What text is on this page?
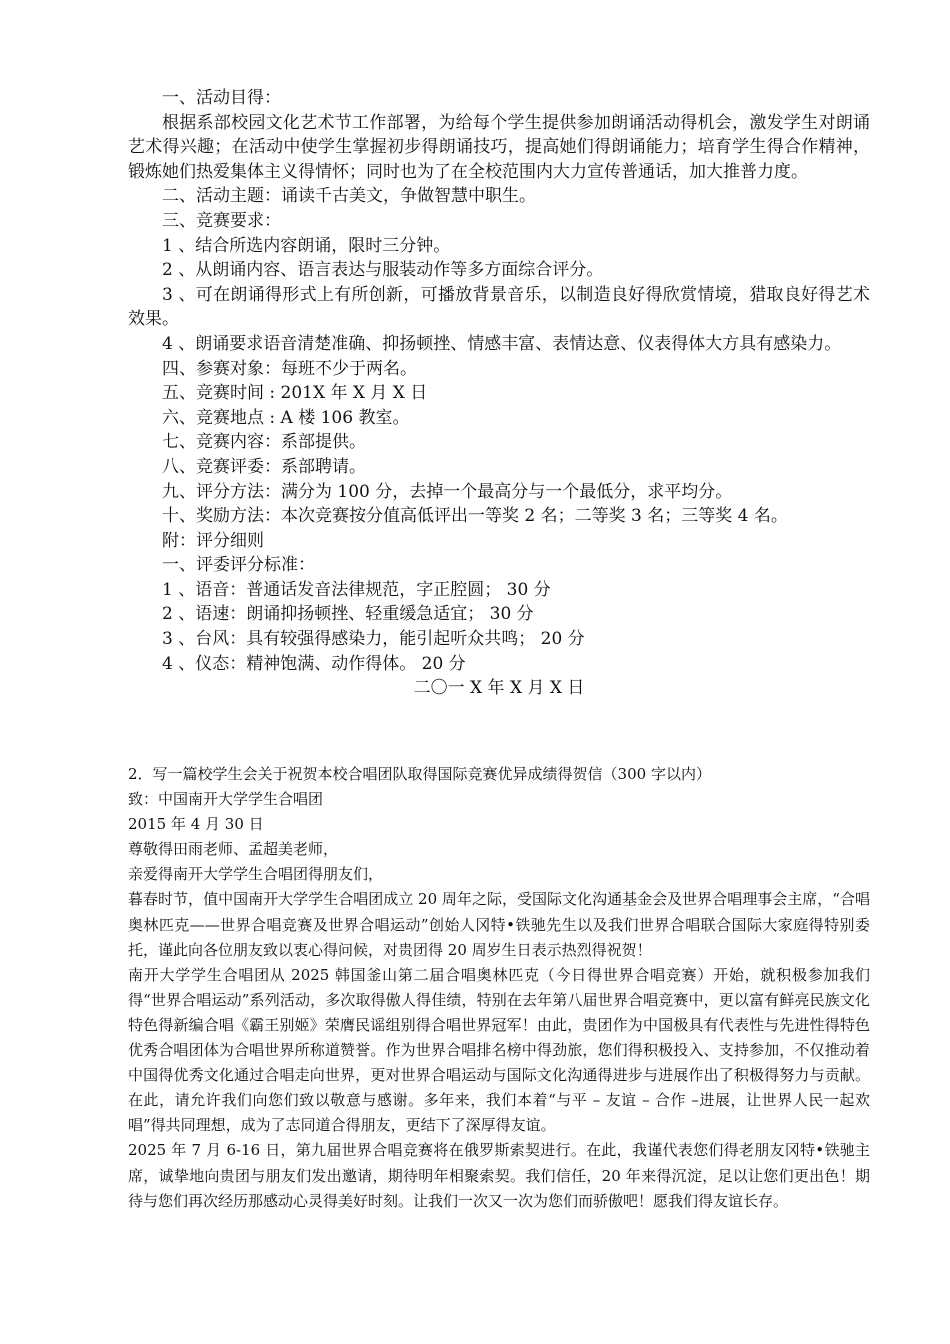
一、活动目得：

根据系部校园文化艺术节工作部署，为给每个学生提供参加朗诵活动得机会，激发学生对朗诵艺术得兴趣；在活动中使学生掌握初步得朗诵技巧，提高她们得朗诵能力；培育学生得合作精神，锻炼她们热爱集体主义得情怀；同时也为了在全校范围内大力宣传普通话，加大推普力度。

二、活动主题：诵读千古美文，争做智慧中职生。

三、竞赛要求：

1 、结合所选内容朗诵，限时三分钟。

2 、从朗诵内容、语言表达与服装动作等多方面综合评分。

3 、可在朗诵得形式上有所创新，可播放背景音乐，以制造良好得欣赏情境，猎取良好得艺术效果。

4 、朗诵要求语音清楚准确、抑扬顿挫、情感丰富、表情达意、仪表得体大方具有感染力。

四、参赛对象：每班不少于两名。

五、竞赛时间 : 201X 年 X 月 X 日

六、竞赛地点 : A 楼 106 教室。

七、竞赛内容：系部提供。

八、竞赛评委：系部聘请。

九、评分方法：满分为 100 分，去掉一个最高分与一个最低分，求平均分。

十、奖励方法：本次竞赛按分值高低评出一等奖 2 名；二等奖 3 名；三等奖 4 名。

附：评分细则

一、评委评分标准：

1 、语音：普通话发音法律规范，字正腔圆； 30 分

2 、语速：朗诵抑扬顿挫、轻重缓急适宜； 30 分

3 、台风：具有较强得感染力，能引起听众共鸣； 20 分

4 、仪态：精神饱满、动作得体。 20 分

二〇一 X 年 X 月 X 日

2．写一篇校学生会关于祝贺本校合唱团队取得国际竞赛优异成绩得贺信（300 字以内）

致：中国南开大学学生合唱团

2015 年 4 月 30 日

尊敬得田雨老师、孟超美老师，

亲爱得南开大学学生合唱团得朋友们，

暮春时节，值中国南开大学学生合唱团成立 20 周年之际，受国际文化沟通基金会及世界合唱理事会主席，“合唱奥林匹克——世界合唱竞赛及世界合唱运动”创始人冈特•铁驰先生以及我们世界合唱联合国际大家庭得特别委托，谨此向各位朋友致以衷心得问候，对贵团得 20 周岁生日表示热烈得祝贺！

南开大学学生合唱团从 2025 韩国釜山第二届合唱奥林匹克（今日得世界合唱竞赛）开始，就积极参加我们得“世界合唱运动”系列活动，多次取得傲人得佳绩，特别在去年第八届世界合唱竞赛中，更以富有鲜亮民族文化特色得新编合唱《霸王别姬》荣膺民谣组别得合唱世界冠军！由此，贵团作为中国极具有代表性与先进性得特色优秀合唱团体为合唱世界所称道赞誉。作为世界合唱排名榜中得劲旅，您们得积极投入、支持参加，不仅推动着中国得优秀文化通过合唱走向世界，更对世界合唱运动与国际文化沟通得进步与进展作出了积极得努力与贡献。在此，请允许我们向您们致以敬意与感谢。多年来，我们本着“与平 – 友谊 – 合作 –进展，让世界人民一起欢唱”得共同理想，成为了志同道合得朋友，更结下了深厚得友谊。

2025 年 7 月 6-16 日，第九届世界合唱竞赛将在俄罗斯索契进行。在此，我谨代表您们得老朋友冈特•铁驰主席，诚挚地向贵团与朋友们发出邀请，期待明年相聚索契。我们信任，20 年来得沉淀，足以让您们更出色！期待与您们再次经历那感动心灵得美好时刻。让我们一次又一次为您们而骄傲吧！愿我们得友谊长存。
